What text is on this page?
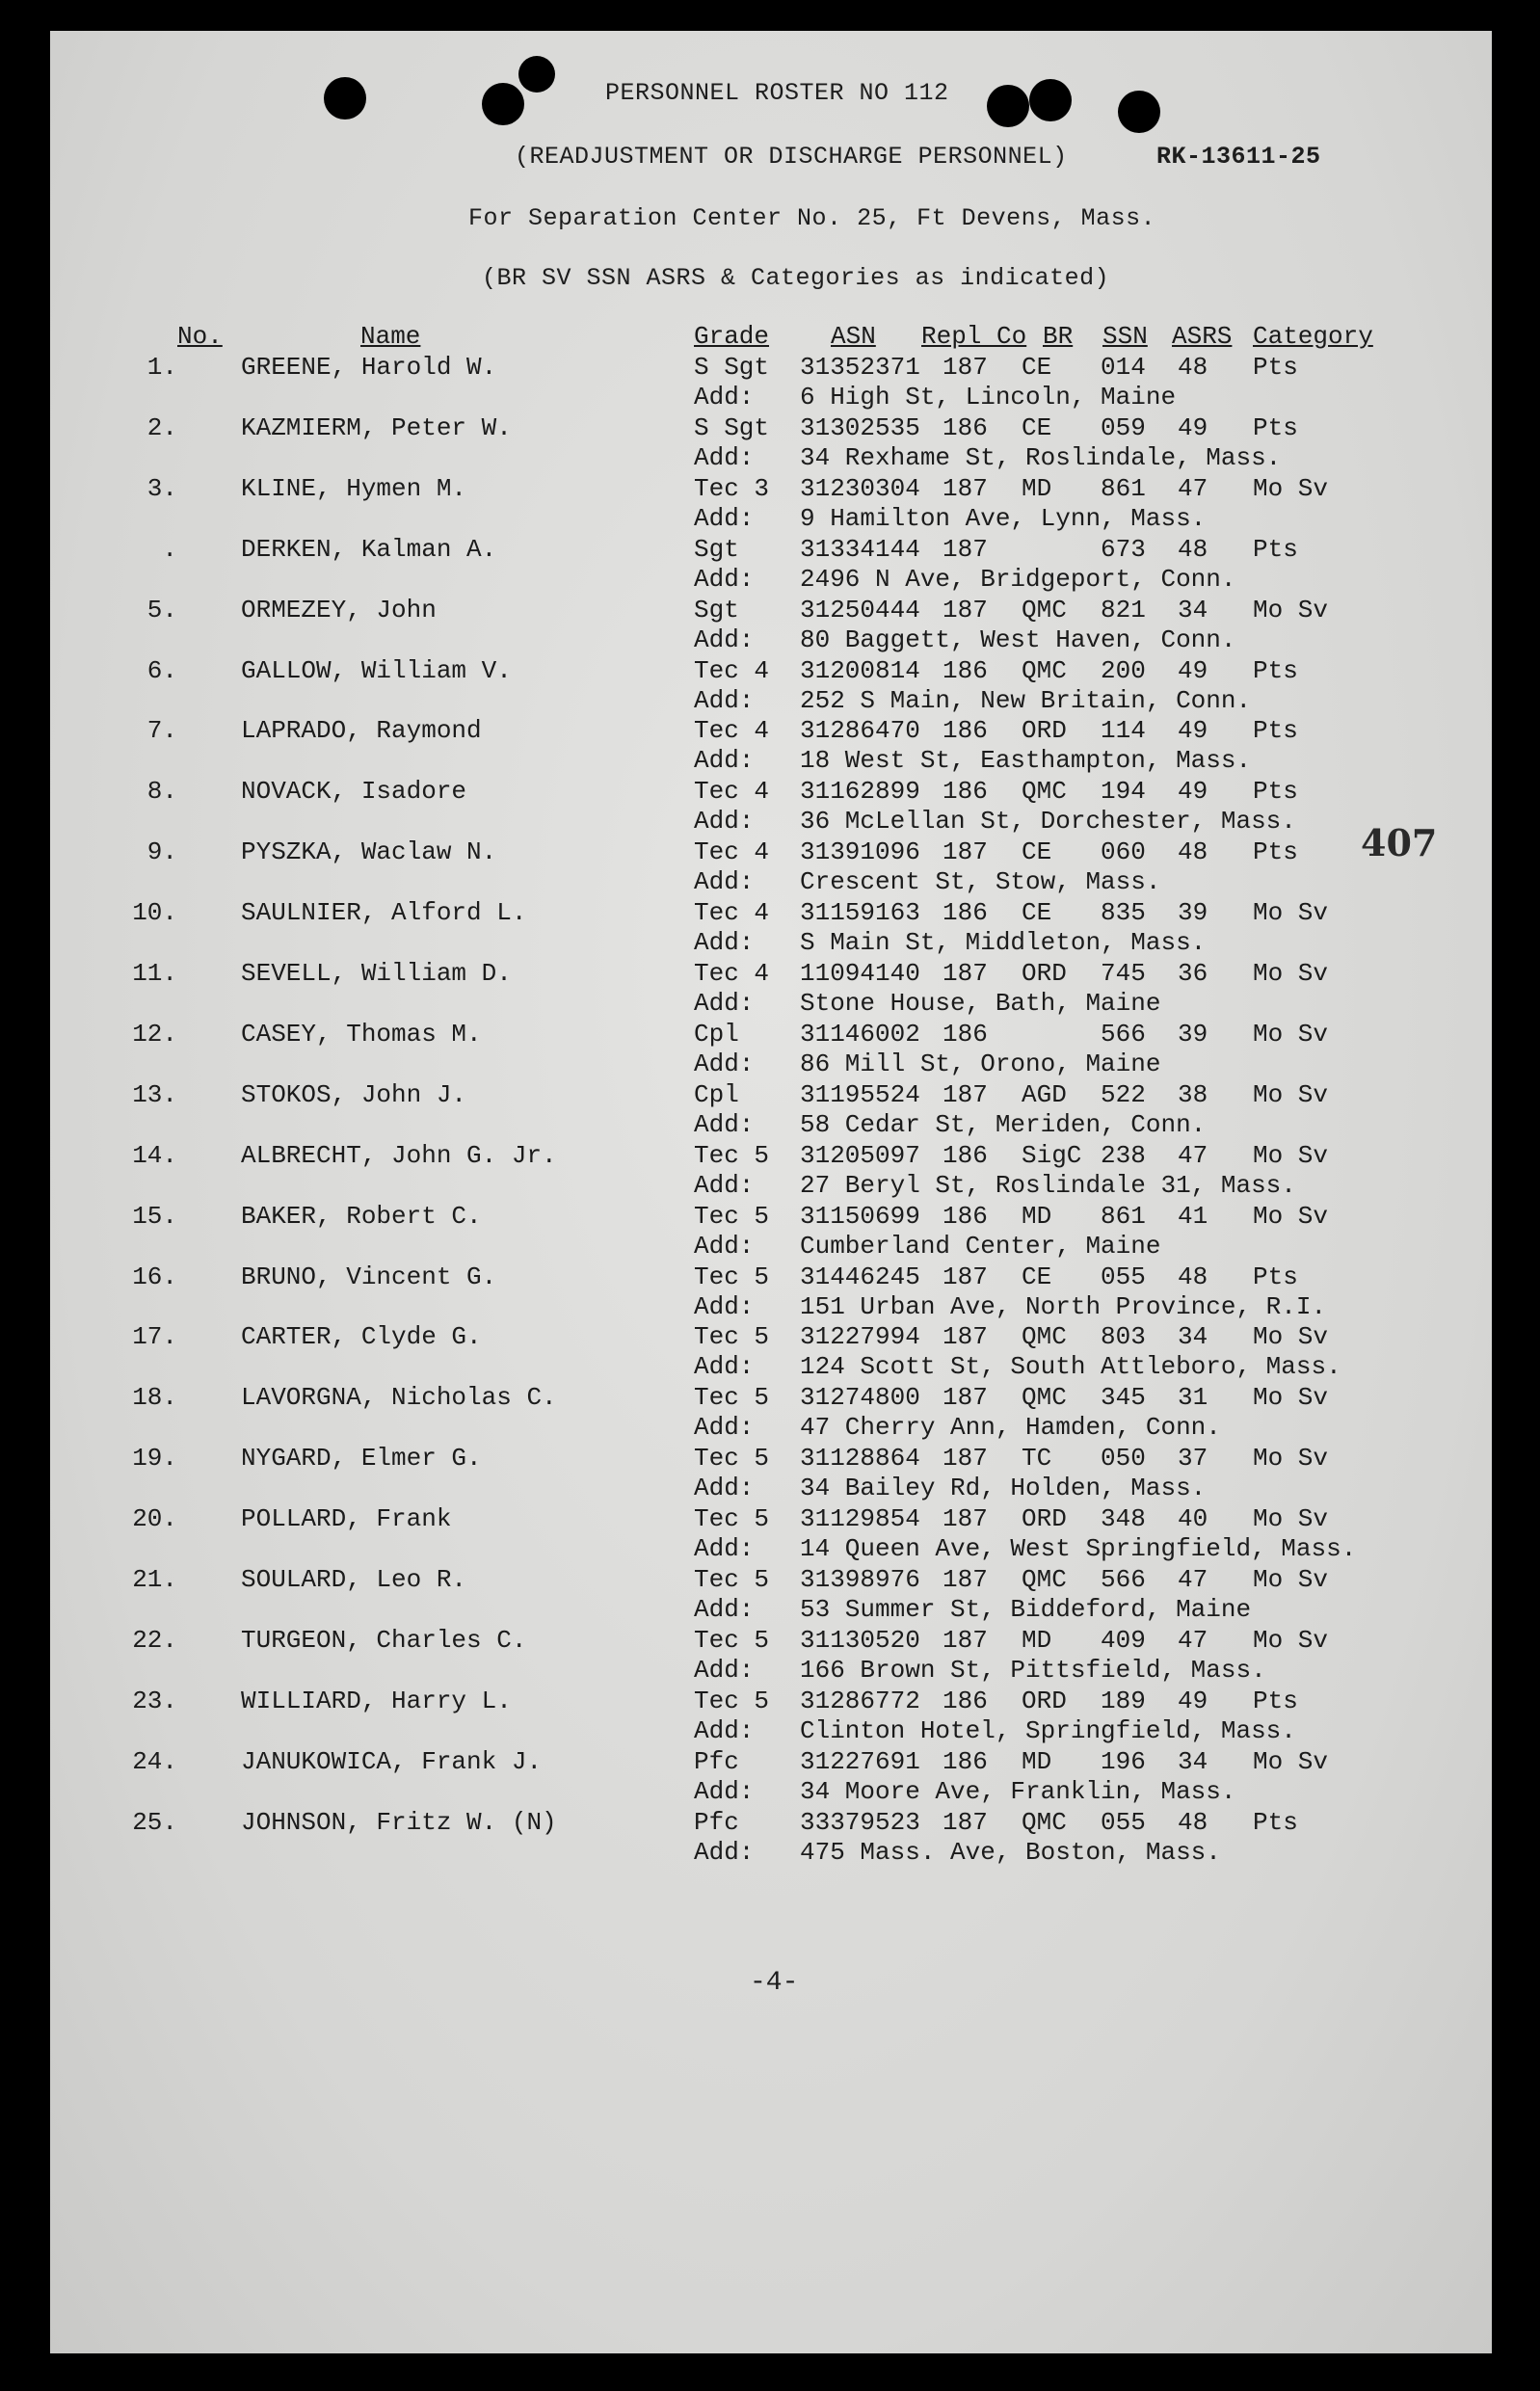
PERSONNEL ROSTER NO 112
(READJUSTMENT OR DISCHARGE PERSONNEL)	RK-13611-25
For Separation Center No. 25, Ft Devens, Mass.
(BR SV SSN ASRS & Categories as indicated)
No.	Name	Grade ASN Repl Co BR SSN ASRS Category
1.	GREENE, Harold W.	S Sgt 31352371 187 CE 014 48 Pts
Add: 6 High St, Lincoln, Maine
2.	KAZMIERM, Peter W.	S Sgt 31302535 186 CE 059 49 Pts
Add: 34 Rexhame St, Roslindale, Mass.
3.	KLINE, Hymen M.	Tec 3 31230304 187 MD 861 47 Mo Sv
Add: 9 Hamilton Ave, Lynn, Mass.
.	DERKEN, Kalman A.	Sgt 31334144 187	673 48 Pts
Add: 2496 N Ave, Bridgeport, Conn.
5.	ORMEZEY, John	Sgt 31250444 187 QMC 821 34 Mo Sv
Add: 80 Baggett, West Haven, Conn.
6.	GALLOW, William V.	Tec 4 31200814 186 QMC 200 49 Pts
Add: 252 S Main, New Britain, Conn.
7.	LAPRADO, Raymond	Tec 4 31286470 186 ORD 114 49 Pts
Add: 18 West St, Easthampton, Mass.
8.	NOVACK, Isadore	Tec 4 31162899 186 QMC 194 49 Pts
Add: 36 McLellan St, Dorchester, Mass.
9.	PYSZKA, Waclaw N.	Tec 4 31391096 187 CE 060 48 Pts
Add: Crescent St, Stow, Mass.
10.	SAULNIER, Alford L.	Tec 4 31159163 186 CE 835 39 Mo Sv
Add: S Main St, Middleton, Mass.
11.	SEVELL, William D.	Tec 4 11094140 187 ORD 745 36 Mo Sv
Add: Stone House, Bath, Maine
12.	CASEY, Thomas M.	Cpl 31146002 186	566 39 Mo Sv
Add: 86 Mill St, Orono, Maine
13.	STOKOS, John J.	Cpl 31195524 187 AGD 522 38 Mo Sv
Add: 58 Cedar St, Meriden, Conn.
14.	ALBRECHT, John G. Jr.	Tec 5 31205097 186 SigC 238 47 Mo Sv
Add: 27 Beryl St, Roslindale 31, Mass.
15.	BAKER, Robert C.	Tec 5 31150699 186 MD 861 41 Mo Sv
Add: Cumberland Center, Maine
16.	BRUNO, Vincent G.	Tec 5 31446245 187 CE 055 48 Pts
Add: 151 Urban Ave, North Province, R.I.
17.	CARTER, Clyde G.	Tec 5 31227994 187 QMC 803 34 Mo Sv
Add: 124 Scott St, South Attleboro, Mass.
18.	LAVORGNA, Nicholas C.	Tec 5 31274800 187 QMC 345 31 Mo Sv
Add: 47 Cherry Ann, Hamden, Conn.
19.	NYGARD, Elmer G.	Tec 5 31128864 187 TC 050 37 Mo Sv
Add: 34 Bailey Rd, Holden, Mass.
20.	POLLARD, Frank	Tec 5 31129854 187 ORD 348 40 Mo Sv
Add: 14 Queen Ave, West Springfield, Mass.
21.	SOULARD, Leo R.	Tec 5 31398976 187 QMC 566 47 Mo Sv
Add: 53 Summer St, Biddeford, Maine
22.	TURGEON, Charles C.	Tec 5 31130520 187 MD 409 47 Mo Sv
Add: 166 Brown St, Pittsfield, Mass.
23.	WILLIARD, Harry L.	Tec 5 31286772 186 ORD 189 49 Pts
Add: Clinton Hotel, Springfield, Mass.
24.	JANUKOWICA, Frank J.	Pfc 31227691 186 MD 196 34 Mo Sv
Add: 34 Moore Ave, Franklin, Mass.
25.	JOHNSON, Fritz W. (N)	Pfc 33379523 187 QMC 055 48 Pts
Add: 475 Mass. Ave, Boston, Mass.
407
-4-
